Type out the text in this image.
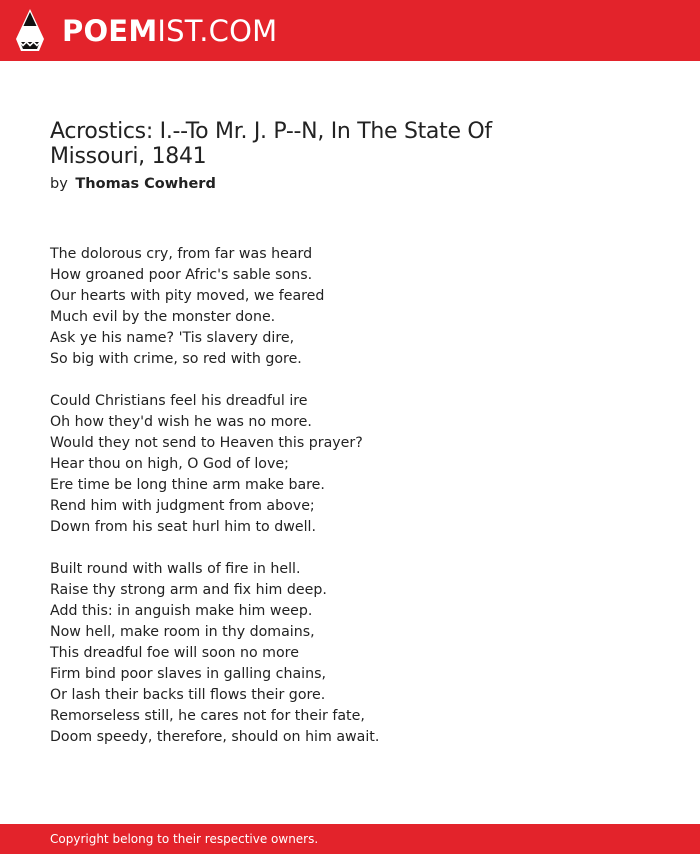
POEMIST.COM
Acrostics: I.--To Mr. J. P--N, In The State Of Missouri, 1841
by Thomas Cowherd
The dolorous cry, from far was heard
How groaned poor Afric's sable sons.
Our hearts with pity moved, we feared
Much evil by the monster done.
Ask ye his name? 'Tis slavery dire,
So big with crime, so red with gore.
Could Christians feel his dreadful ire
Oh how they'd wish he was no more.
Would they not send to Heaven this prayer?
Hear thou on high, O God of love;
Ere time be long thine arm make bare.
Rend him with judgment from above;
Down from his seat hurl him to dwell.
Built round with walls of fire in hell.
Raise thy strong arm and fix him deep.
Add this: in anguish make him weep.
Now hell, make room in thy domains,
This dreadful foe will soon no more
Firm bind poor slaves in galling chains,
Or lash their backs till flows their gore.
Remorseless still, he cares not for their fate,
Doom speedy, therefore, should on him await.
Copyright belong to their respective owners.
